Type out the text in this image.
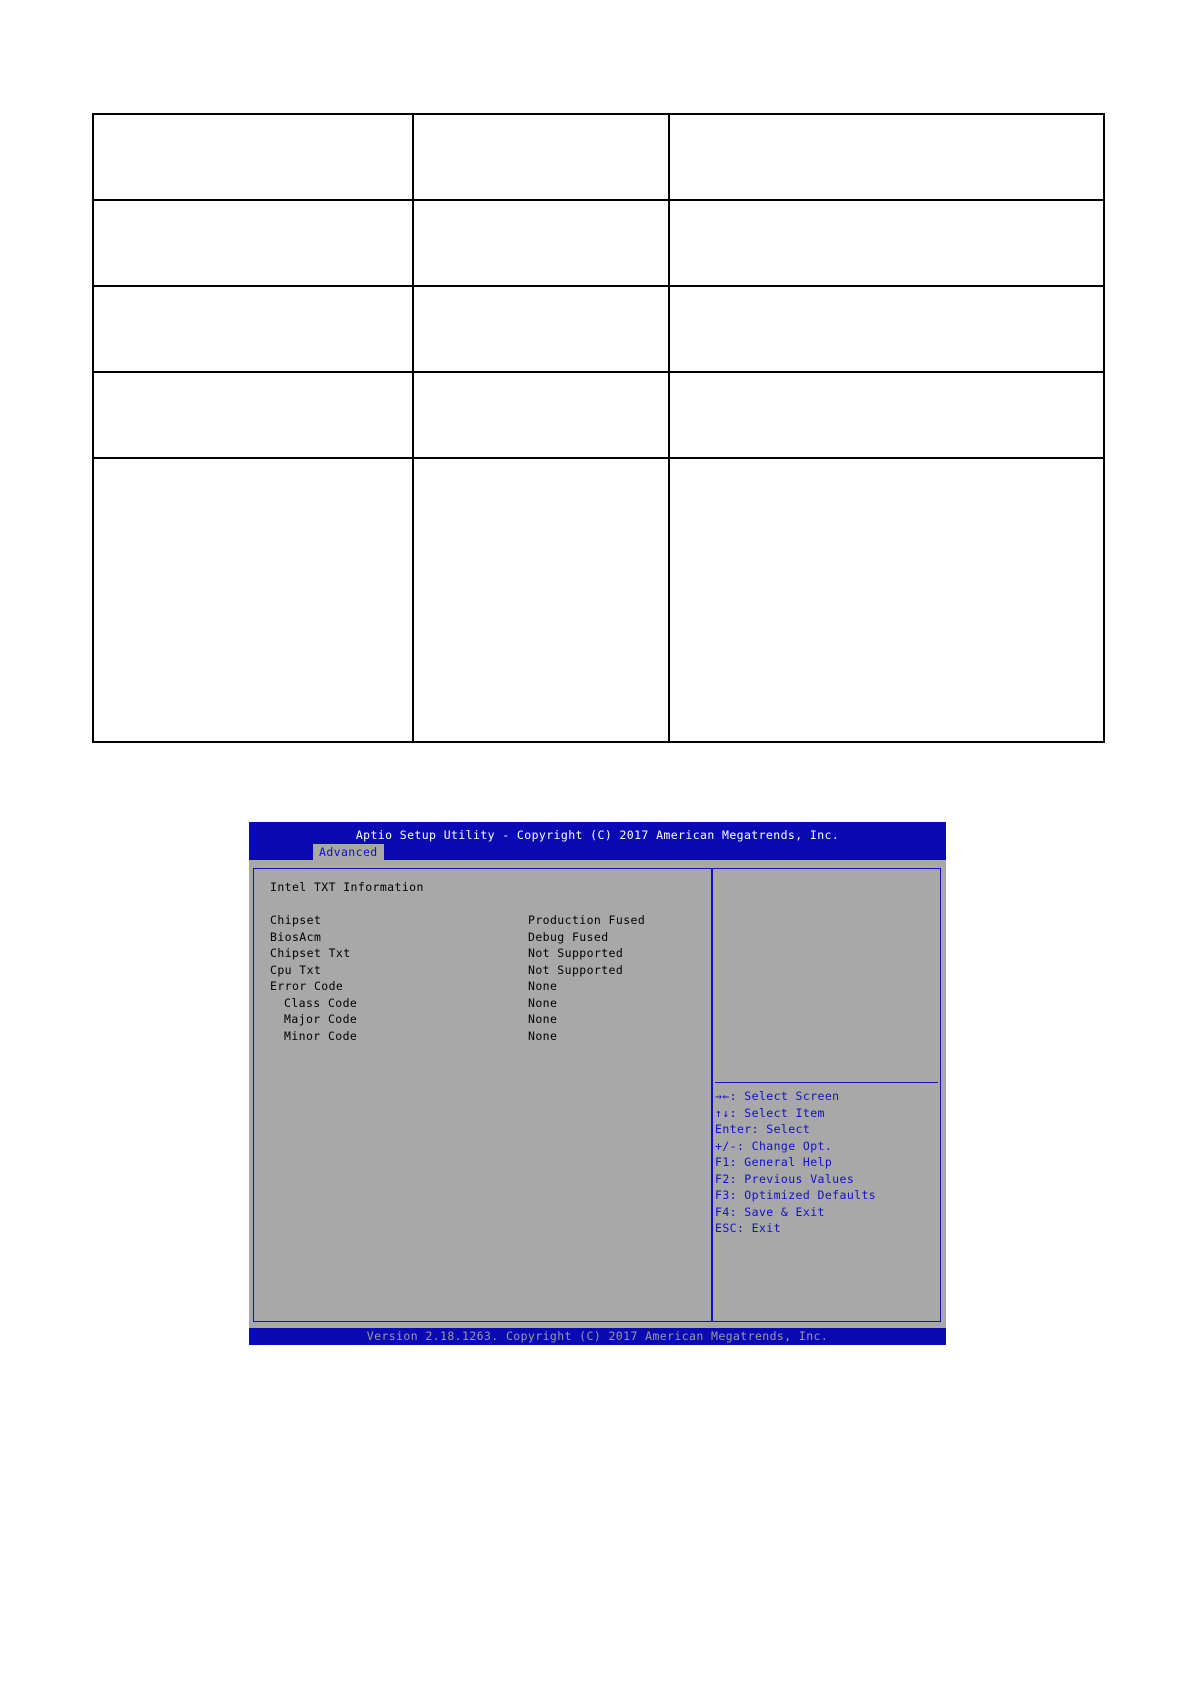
Aptio Setup Utility - Copyright (C) 2017 American Megatrends, Inc.
Advanced
Intel TXT Information
Chipset	Production Fused
BiosAcm	Debug Fused
Chipset Txt	Not Supported
Cpu Txt	Not Supported
Error Code	None
Class Code	None
Major Code	None
Minor Code	None
→←: Select Screen
↑↓: Select Item
Enter: Select
+/-: Change Opt.
F1: General Help
F2: Previous Values
F3: Optimized Defaults
F4: Save & Exit
ESC: Exit
Version 2.18.1263. Copyright (C) 2017 American Megatrends, Inc.
